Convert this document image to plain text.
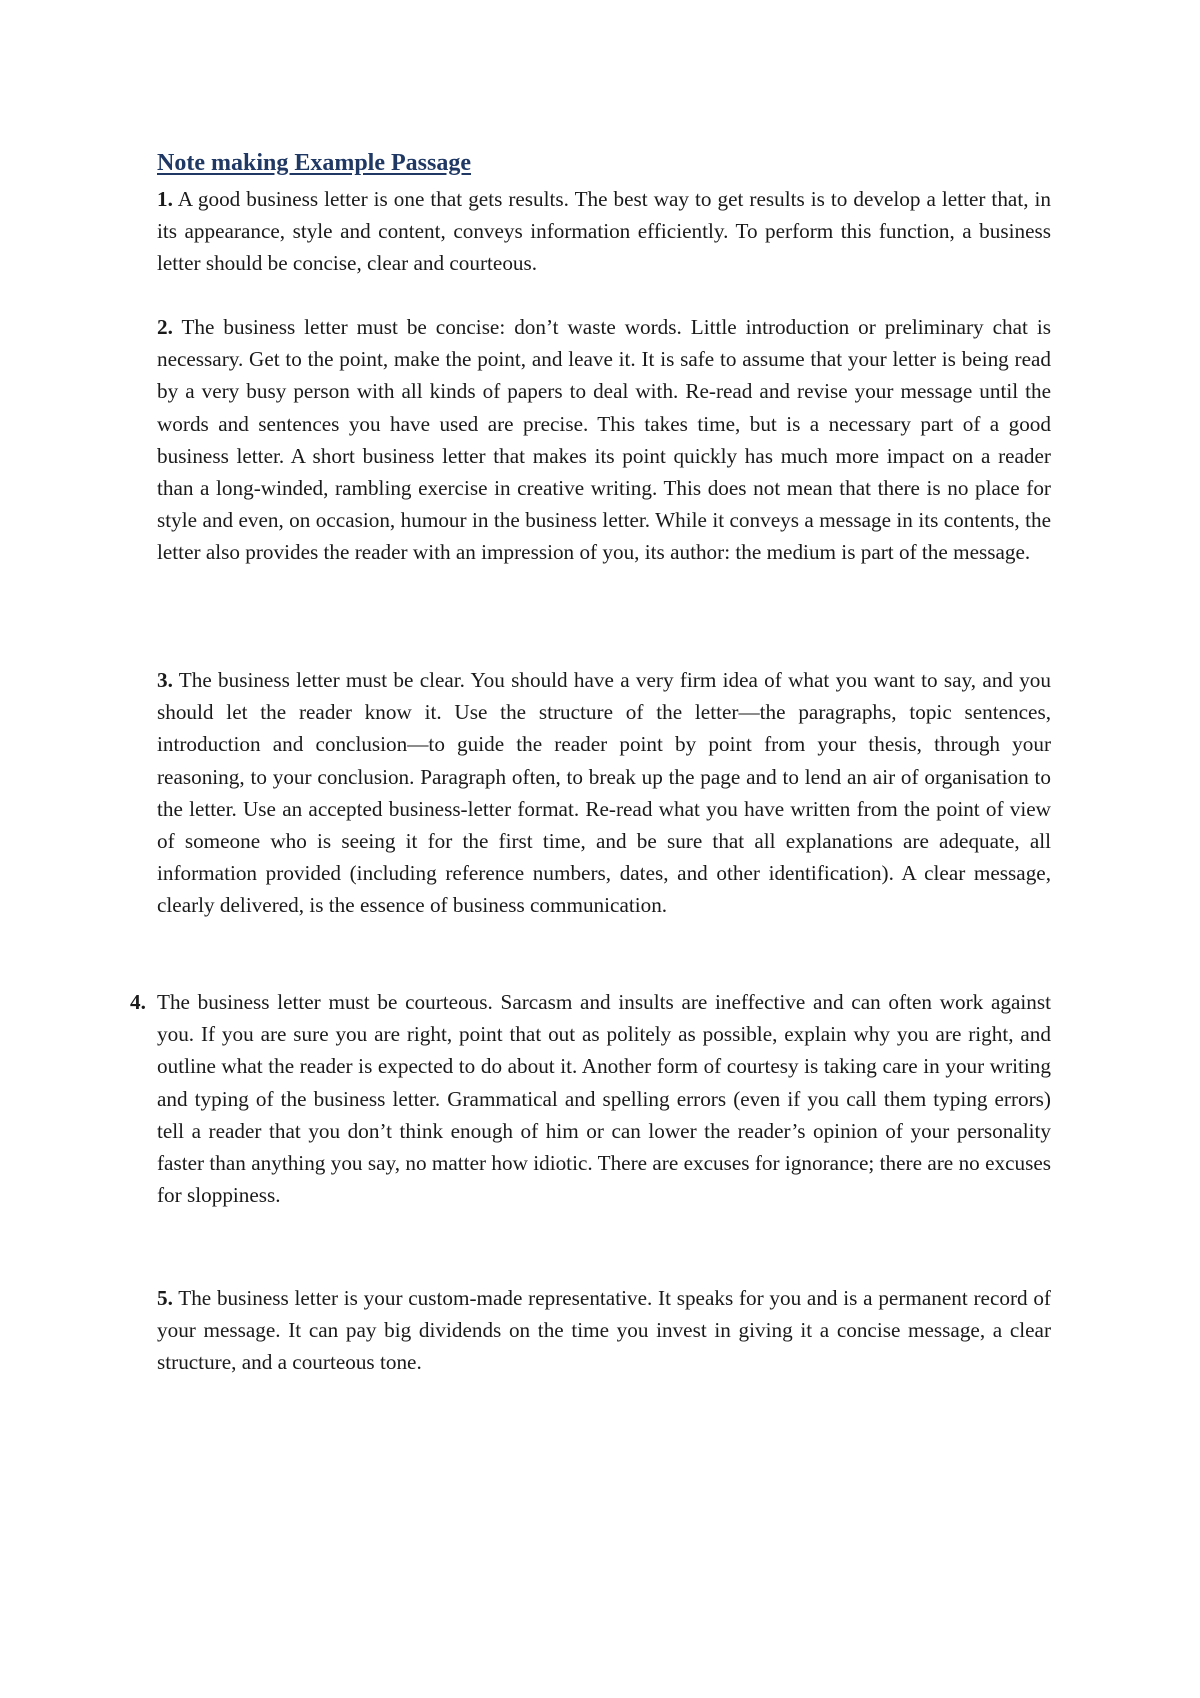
Note making Example Passage

1. A good business letter is one that gets results. The best way to get results is to develop a letter that, in its appearance, style and content, conveys information efficiently. To perform this function, a business letter should be concise, clear and courteous.

2. The business letter must be concise: don’t waste words. Little introduction or preliminary chat is necessary. Get to the point, make the point, and leave it. It is safe to assume that your letter is being read by a very busy person with all kinds of papers to deal with. Re-read and revise your message until the words and sentences you have used are precise. This takes time, but is a necessary part of a good business letter. A short business letter that makes its point quickly has much more impact on a reader than a long-winded, rambling exercise in creative writing. This does not mean that there is no place for style and even, on occasion, humour in the business letter. While it conveys a message in its contents, the letter also provides the reader with an impression of you, its author: the medium is part of the message.

3. The business letter must be clear. You should have a very firm idea of what you want to say, and you should let the reader know it. Use the structure of the letter—the paragraphs, topic sentences, introduction and conclusion—to guide the reader point by point from your thesis, through your reasoning, to your conclusion. Paragraph often, to break up the page and to lend an air of organisation to the letter. Use an accepted business-letter format. Re-read what you have written from the point of view of someone who is seeing it for the first time, and be sure that all explanations are adequate, all information provided (including reference numbers, dates, and other identification). A clear message, clearly delivered, is the essence of business communication.

4. The business letter must be courteous. Sarcasm and insults are ineffective and can often work against you. If you are sure you are right, point that out as politely as possible, explain why you are right, and outline what the reader is expected to do about it. Another form of courtesy is taking care in your writing and typing of the business letter. Grammatical and spelling errors (even if you call them typing errors) tell a reader that you don’t think enough of him or can lower the reader’s opinion of your personality faster than anything you say, no matter how idiotic. There are excuses for ignorance; there are no excuses for sloppiness.

5. The business letter is your custom-made representative. It speaks for you and is a permanent record of your message. It can pay big dividends on the time you invest in giving it a concise message, a clear structure, and a courteous tone.
